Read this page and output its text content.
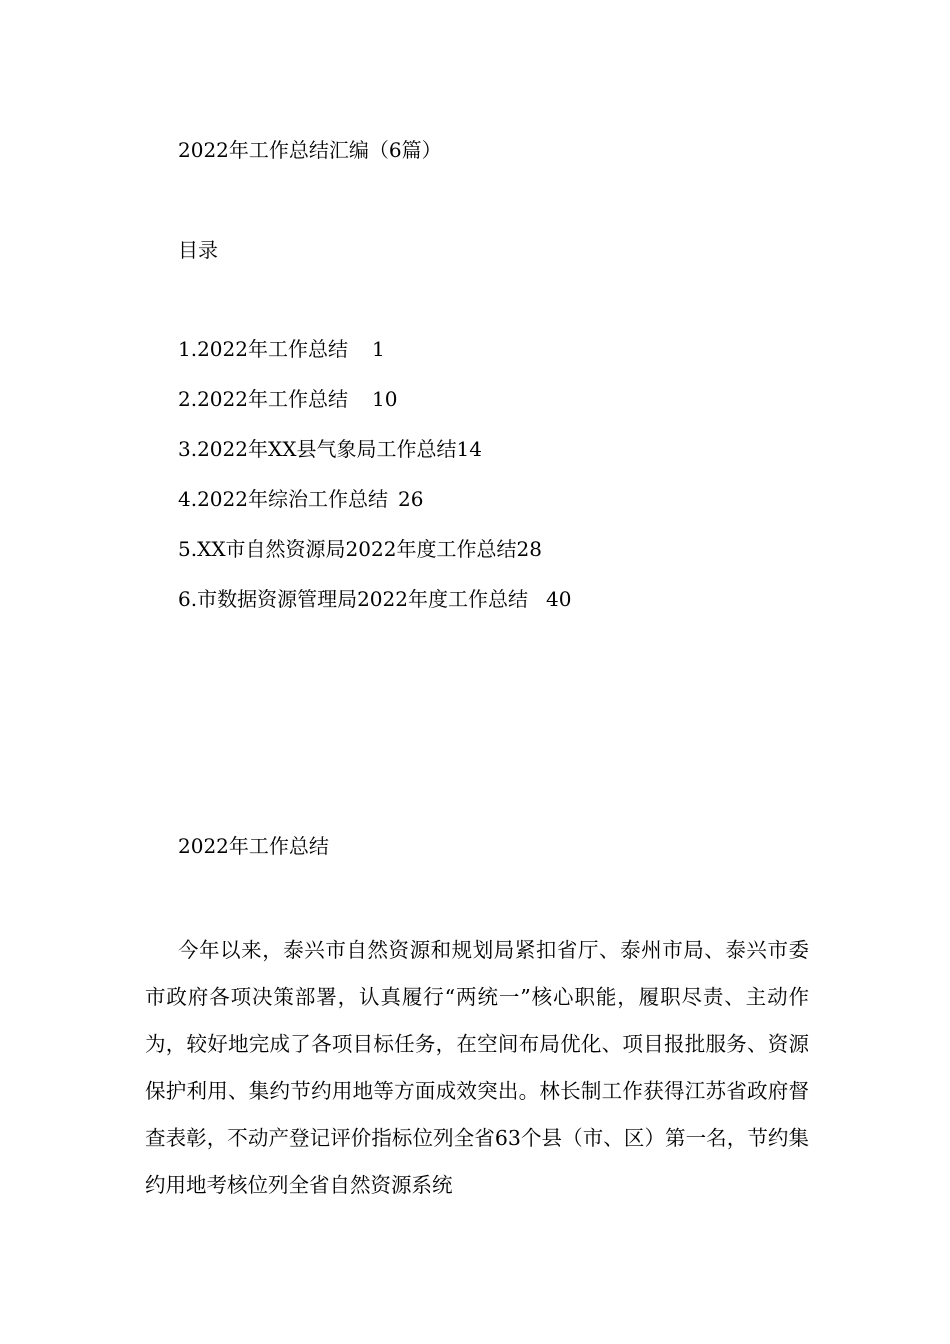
2022年工作总结汇编（6篇）
目录
1.2022年工作总结 1
2.2022年工作总结 10
3.2022年XX县气象局工作总结 14
4.2022年综治工作总结 26
5.XX市自然资源局2022年度工作总结 28
6.市数据资源管理局2022年度工作总结 40
2022年工作总结

今年以来，泰兴市自然资源和规划局紧扣省厅、泰州市局、泰兴市委市政府各项决策部署，认真履行“两统一”核心职能，履职尽责、主动作为，较好地完成了各项目标任务，在空间布局优化、项目报批服务、资源保护利用、集约节约用地等方面成效突出。林长制工作获得江苏省政府督查表彰，不动产登记评价指标位列全省63个县（市、区）第一名，节约集约用地考核位列全省自然资源系统
